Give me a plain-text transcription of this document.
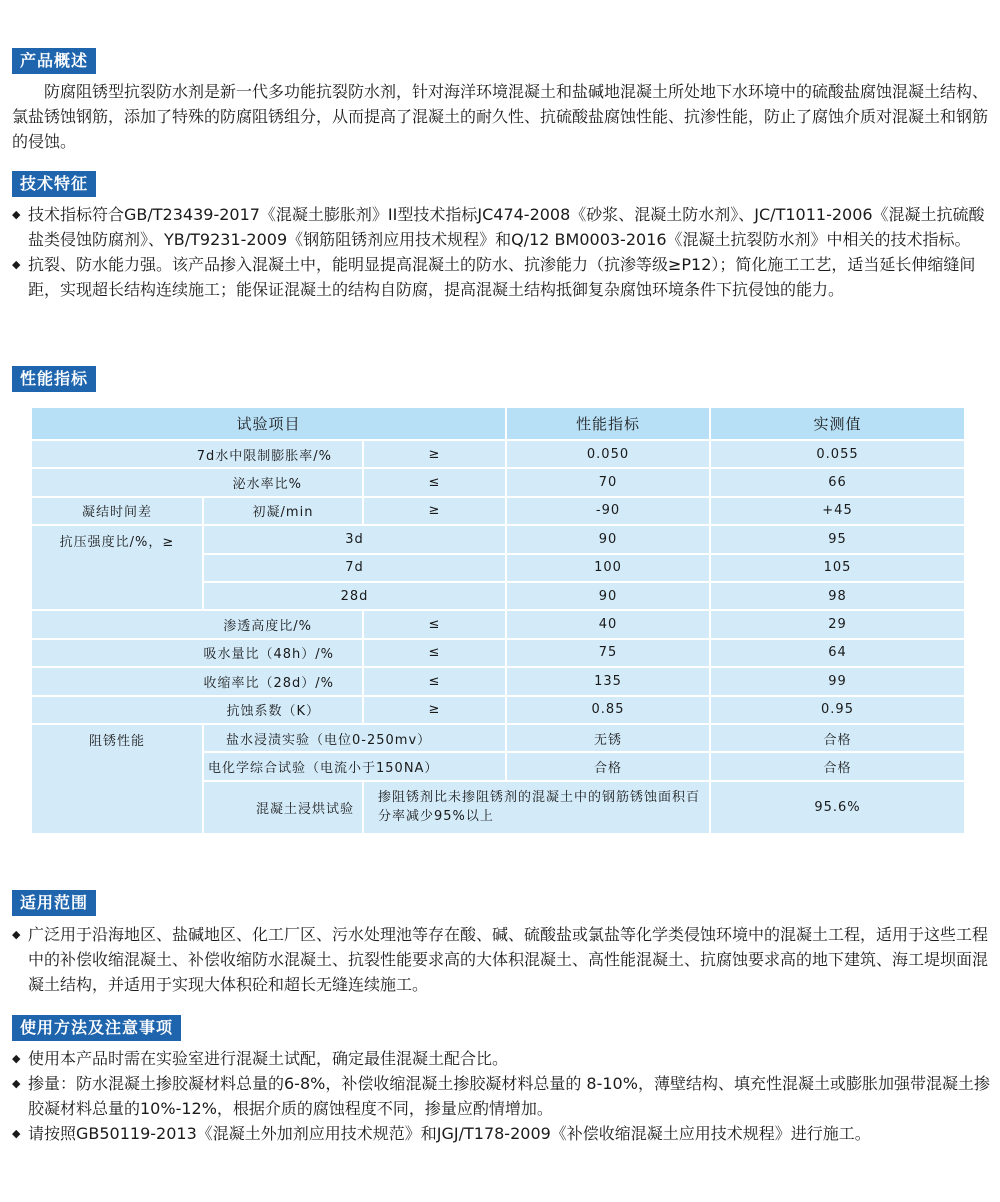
产品概述
防腐阻锈型抗裂防水剂是新一代多功能抗裂防水剂，针对海洋环境混凝土和盐碱地混凝土所处地下水环境中的硫酸盐腐蚀混凝土结构、氯盐锈蚀钢筋，添加了特殊的防腐阻锈组分，从而提高了混凝土的耐久性、抗硫酸盐腐蚀性能、抗渗性能，防止了腐蚀介质对混凝土和钢筋的侵蚀。
技术特征
◆ 技术指标符合GB/T23439-2017《混凝土膨胀剂》II型技术指标JC474-2008《砂浆、混凝土防水剂》、JC/T1011-2006《混凝土抗硫酸盐类侵蚀防腐剂》、YB/T9231-2009《钢筋阻锈剂应用技术规程》和Q/12 BM0003-2016《混凝土抗裂防水剂》中相关的技术指标。
◆ 抗裂、防水能力强。该产品掺入混凝土中，能明显提高混凝土的防水、抗渗能力（抗渗等级≥P12）；简化施工工艺，适当延长伸缩缝间距，实现超长结构连续施工；能保证混凝土的结构自防腐，提高混凝土结构抵御复杂腐蚀环境条件下抗侵蚀的能力。
性能指标
试验项目			性能指标	实测值
7d水中限制膨胀率/%		≥	0.050	0.055
泌水率比%		≤	70	66
凝结时间差	初凝/min	≥	-90	+45
抗压强度比/%，≥	3d		90	95
	7d		100	105
	28d		90	98
渗透高度比/%		≤	40	29
吸水量比（48h）/%		≤	75	64
收缩率比（28d）/%		≤	135	99
抗蚀系数（K）		≥	0.85	0.95
阻锈性能	盐水浸渍实验（电位0-250mv）		无锈	合格
	电化学综合试验（电流小于150NA）		合格	合格
	混凝土浸烘试验	掺阻锈剂比未掺阻锈剂的混凝土中的钢筋锈蚀面积百分率减少95%以上		95.6%
适用范围
◆ 广泛用于沿海地区、盐碱地区、化工厂区、污水处理池等存在酸、碱、硫酸盐或氯盐等化学类侵蚀环境中的混凝土工程，适用于这些工程中的补偿收缩混凝土、补偿收缩防水混凝土、抗裂性能要求高的大体积混凝土、高性能混凝土、抗腐蚀要求高的地下建筑、海工堤坝面混凝土结构，并适用于实现大体积砼和超长无缝连续施工。
使用方法及注意事项
◆ 使用本产品时需在实验室进行混凝土试配，确定最佳混凝土配合比。
◆ 掺量：防水混凝土掺胶凝材料总量的6-8%，补偿收缩混凝土掺胶凝材料总量的 8-10%，薄壁结构、填充性混凝土或膨胀加强带混凝土掺胶凝材料总量的10%-12%，根据介质的腐蚀程度不同，掺量应酌情增加。
◆ 请按照GB50119-2013《混凝土外加剂应用技术规范》和JGJ/T178-2009《补偿收缩混凝土应用技术规程》进行施工。
